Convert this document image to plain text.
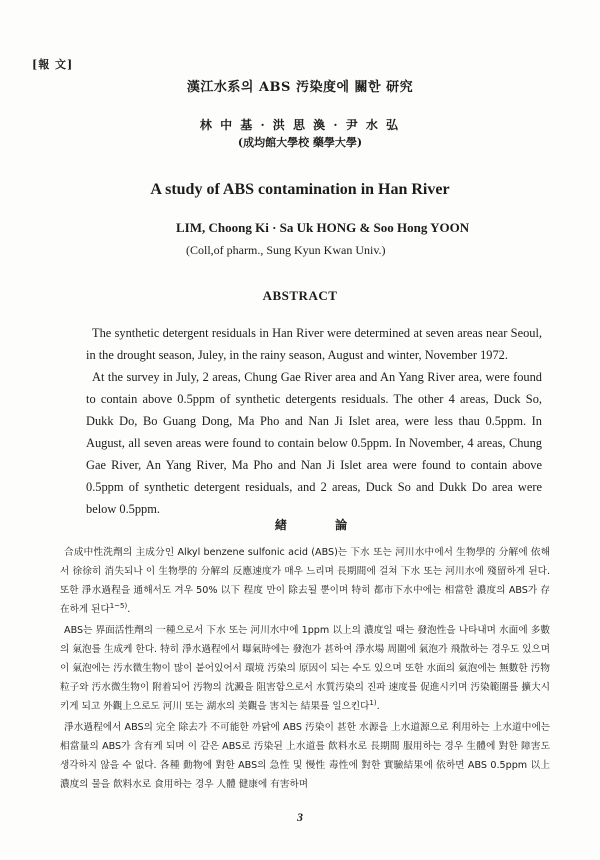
[報 文]
漢江水系의 ABS 汚染度에 關한 研究
林 中 基 · 洪 思 渙 · 尹 水 弘
(成均館大學校 藥學大學)
A study of ABS contamination in Han River
LIM, Choong Ki · Sa Uk HONG & Soo Hong YOON
(Coll,of pharm., Sung Kyun Kwan Univ.)
ABSTRACT

The synthetic detergent residuals in Han River were determined at seven areas near Seoul, in the drought season, Juley, in the rainy season, August and winter, November 1972.

At the survey in July, 2 areas, Chung Gae River area and An Yang River area, were found to contain above 0.5ppm of synthetic detergents residuals. The other 4 areas, Duck So, Dukk Do, Bo Guang Dong, Ma Pho and Nan Ji Islet area, were less thau 0.5ppm. In August, all seven areas were found to contain below 0.5ppm. In November, 4 areas, Chung Gae River, An Yang River, Ma Pho and Nan Ji Islet area were found to contain above 0.5ppm of synthetic detergent residuals, and 2 areas, Duck So and Dukk Do area were below 0.5ppm.

緖 論

合成中性洗劑의 主成分인 Alkyl benzene sulfonic acid (ABS)는 下水 또는 河川水中에서 生物學的 分解에 依해서 徐徐히 消失되나 이 生物學的 分解의 反應速度가 매우 느리며 長期間에 걸쳐 下水 또는 河川水에 殘留하게 된다. 또한 淨水過程을 通해서도 겨우 50% 以下 程度 만이 除去될 뿐이며 特히 都市下水中에는 相當한 濃度의 ABS가 存在하게 된다$^{1\sim 5)}$.

ABS는 界面活性劑의 一種으로서 下水 또는 河川水中에 1ppm 以上의 濃度일 때는 發泡性을 나타내며 水面에 多數의 氣泡를 生成케 한다. 特히 淨水過程에서 曝氣時에는 發泡가 甚하여 淨水場 周圍에 氣泡가 飛散하는 경우도 있으며 이 氣泡에는 汚水微生物이 많이 붙어있어서 環境 汚染의 原因이 되는 수도 있으며 또한 水面의 氣泡에는 無數한 汚物粒子와 汚水微生物이 附着되어 汚物의 沈澱을 阻害함으로서 水質汚染의 진파 速度를 促進시키며 汚染範圍를 擴大시키게 되고 外觀上으로도 河川 또는 湖水의 美觀을 害치는 結果를 일으킨다$^{1)}$.

淨水過程에서 ABS의 完全 除去가 不可能한 까닭에 ABS 汚染이 甚한 水源을 上水道源으로 利用하는 上水道中에는 相當量의 ABS가 含有케 되며 이 같은 ABS로 汚染된 上水道를 飮料水로 長期間 服用하는 경우 生體에 對한 障害도 생각하지 않을 수 없다. 各種 動物에 對한 ABS의 急性 및 慢性 毒性에 對한 實驗結果에 依하면 ABS 0.5ppm 以上 濃度의 물을 飮料水로 食用하는 경우 人體 健康에 有害하며

3
